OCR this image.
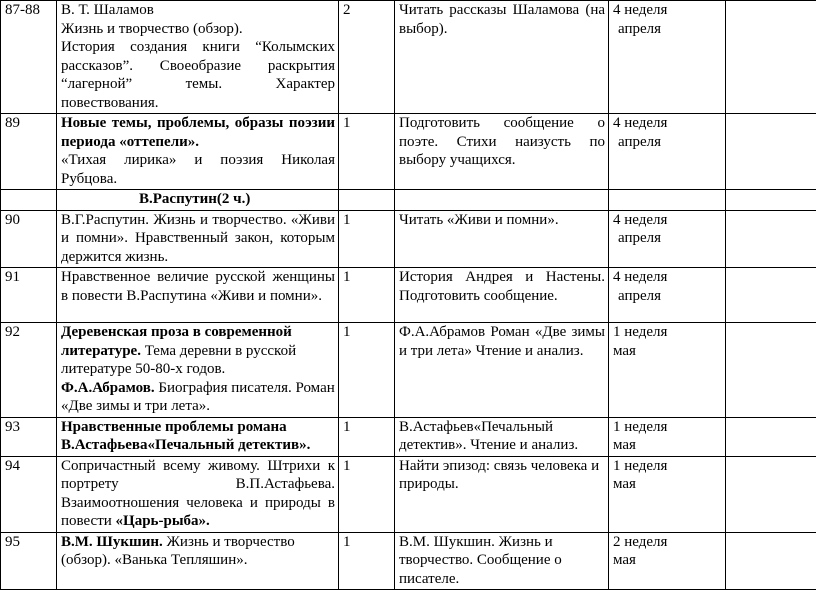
87-88	В. Т. Шаламов
Жизнь и творчество (обзор).
История создания книги “Колымских рассказов”. Своеобразие раскрытия “лагерной” темы. Характер повествования.	2	Читать рассказы Шаламова (на выбор).	4 неделя
апреля	
89	Новые темы, проблемы, образы поэзии периода «оттепели».
«Тихая лирика» и поэзия Николая Рубцова.	1	Подготовить сообщение о поэте. Стихи наизусть по выбору учащихся.	4 неделя
апреля	
	В.Распутин(2 ч.)				
90	В.Г.Распутин. Жизнь и творчество. «Живи и помни». Нравственный закон, которым держится жизнь.	1	Читать «Живи и помни».	4 неделя
апреля	
91	Нравственное величие русской женщины в повести В.Распутина «Живи и помни».	1	История Андрея и Настены. Подготовить сообщение.	4 неделя
апреля	
92	Деревенская проза в современной литературе. Тема деревни в русской литературе 50-80-х годов.
Ф.А.Абрамов. Биография писателя. Роман «Две зимы и три лета».	1	Ф.А.Абрамов Роман «Две зимы и три лета» Чтение и анализ.	1 неделя
мая	
93	Нравственные проблемы романа В.Астафьева«Печальный детектив».	1	В.Астафьев«Печальный детектив». Чтение и анализ.	1 неделя
мая	
94	Сопричастный всему живому. Штрихи к портрету В.П.Астафьева. Взаимоотношения человека и природы в повести «Царь-рыба».	1	Найти эпизод: связь человека и природы.	1 неделя
мая	
95	В.М. Шукшин. Жизнь и творчество (обзор). «Ванька Тепляшин».	1	В.М. Шукшин. Жизнь и творчество. Сообщение о писателе.	2 неделя
мая	
